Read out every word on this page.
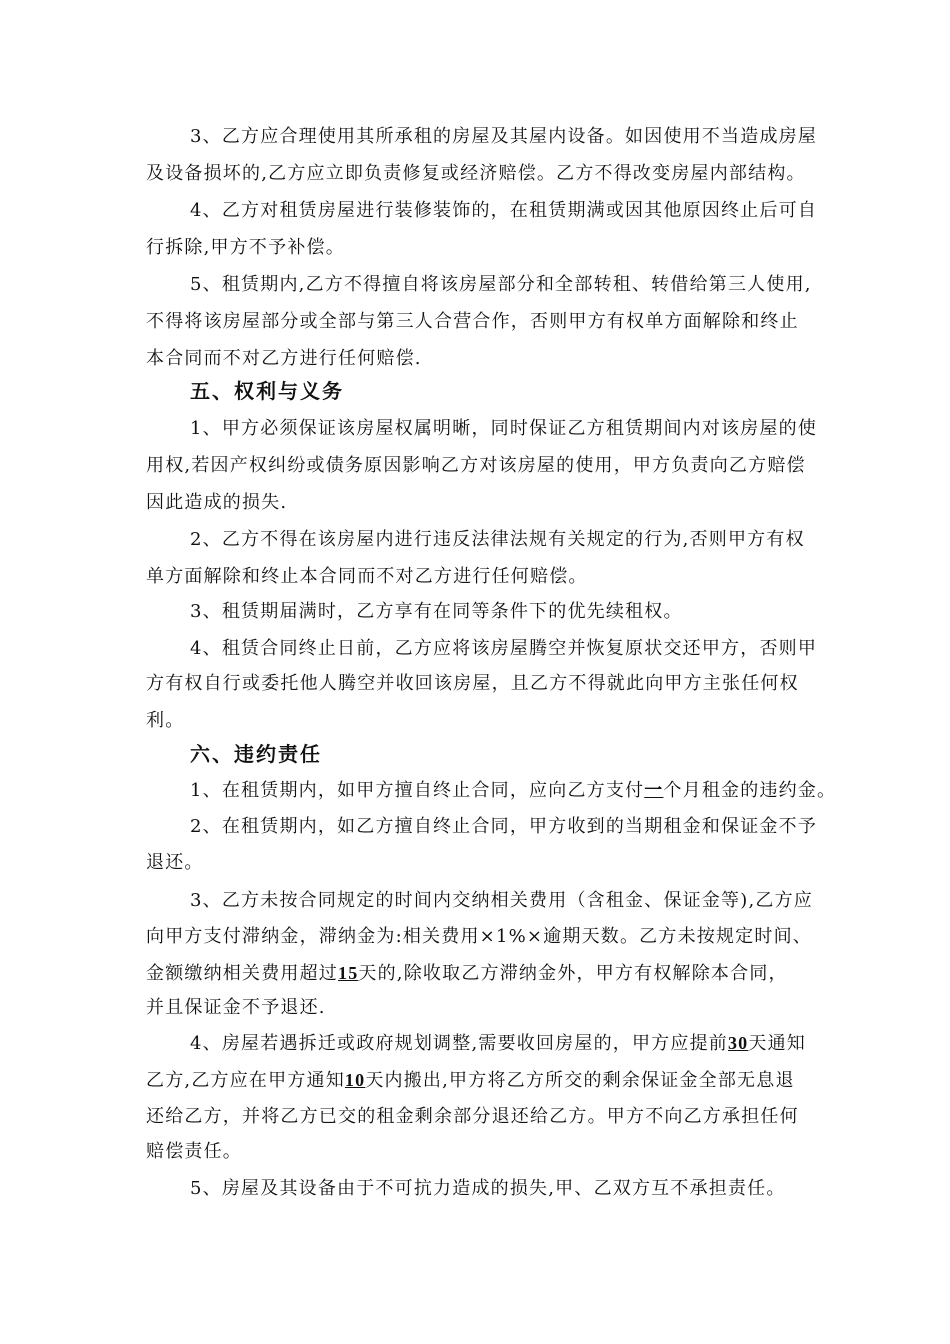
3、乙方应合理使用其所承租的房屋及其屋内设备。如因使用不当造成房屋
及设备损坏的,乙方应立即负责修复或经济赔偿。乙方不得改变房屋内部结构。
4、乙方对租赁房屋进行装修装饰的，在租赁期满或因其他原因终止后可自
行拆除,甲方不予补偿。
5、租赁期内,乙方不得擅自将该房屋部分和全部转租、转借给第三人使用,
不得将该房屋部分或全部与第三人合营合作，否则甲方有权单方面解除和终止
本合同而不对乙方进行任何赔偿.
五、权利与义务
1、甲方必须保证该房屋权属明晰，同时保证乙方租赁期间内对该房屋的使
用权,若因产权纠纷或债务原因影响乙方对该房屋的使用，甲方负责向乙方赔偿
因此造成的损失.
2、乙方不得在该房屋内进行违反法律法规有关规定的行为,否则甲方有权
单方面解除和终止本合同而不对乙方进行任何赔偿。
3、租赁期届满时，乙方享有在同等条件下的优先续租权。
4、租赁合同终止日前，乙方应将该房屋腾空并恢复原状交还甲方，否则甲
方有权自行或委托他人腾空并收回该房屋，且乙方不得就此向甲方主张任何权
利。
六、违约责任
1、在租赁期内，如甲方擅自终止合同，应向乙方支付一个月租金的违约金。
2、在租赁期内，如乙方擅自终止合同，甲方收到的当期租金和保证金不予
退还。
3、乙方未按合同规定的时间内交纳相关费用（含租金、保证金等),乙方应
向甲方支付滞纳金，滞纳金为:相关费用×1%×逾期天数。乙方未按规定时间、
金额缴纳相关费用超过15天的,除收取乙方滞纳金外，甲方有权解除本合同，
并且保证金不予退还.
4、房屋若遇拆迁或政府规划调整,需要收回房屋的，甲方应提前30天通知
乙方,乙方应在甲方通知10天内搬出,甲方将乙方所交的剩余保证金全部无息退
还给乙方，并将乙方已交的租金剩余部分退还给乙方。甲方不向乙方承担任何
赔偿责任。
5、房屋及其设备由于不可抗力造成的损失,甲、乙双方互不承担责任。
